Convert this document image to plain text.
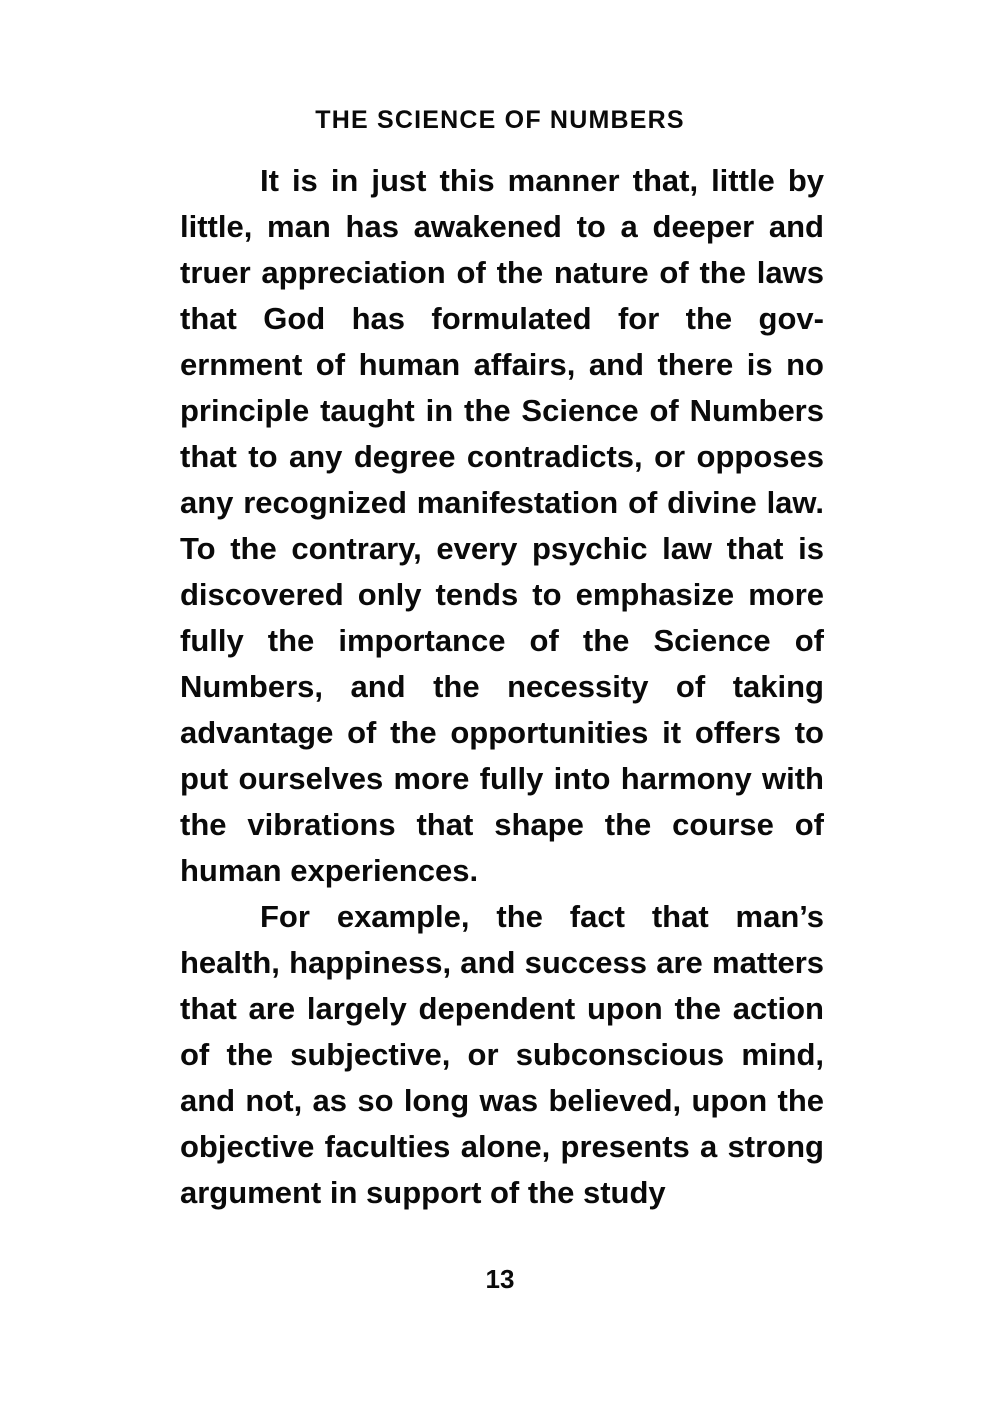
THE SCIENCE OF NUMBERS

It is in just this manner that, little by little, man has awakened to a deeper and truer appreciation of the nature of the laws that God has formulated for the government of human affairs, and there is no principle taught in the Science of Numbers that to any degree contradicts, or opposes any recognized manifestation of divine law. To the contrary, every psychic law that is discovered only tends to emphasize more fully the importance of the Science of Numbers, and the necessity of taking advantage of the opportunities it offers to put ourselves more fully into harmony with the vibrations that shape the course of human experiences.

For example, the fact that man’s health, happiness, and success are matters that are largely dependent upon the action of the subjective, or subconscious mind, and not, as so long was believed, upon the objective faculties alone, presents a strong argument in support of the study

13
